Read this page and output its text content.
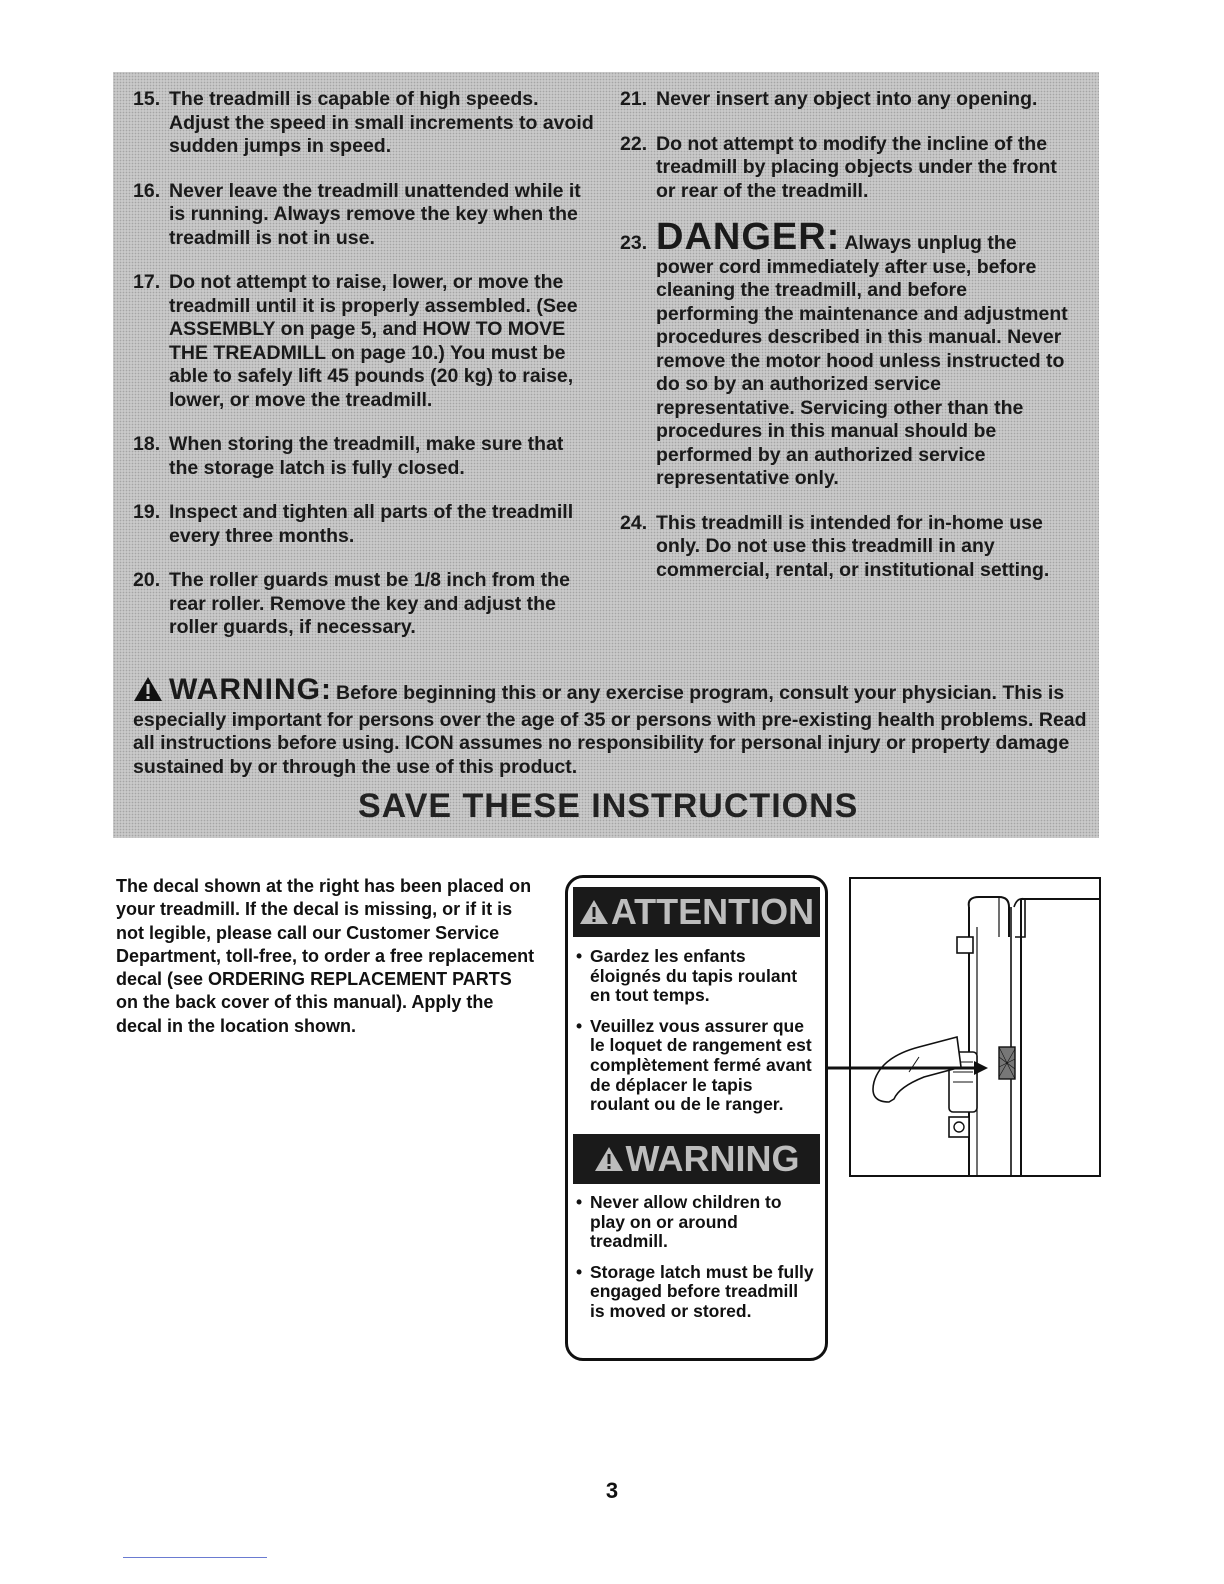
15. The treadmill is capable of high speeds. Adjust the speed in small increments to avoid sudden jumps in speed.
16. Never leave the treadmill unattended while it is running. Always remove the key when the treadmill is not in use.
17. Do not attempt to raise, lower, or move the treadmill until it is properly assembled. (See ASSEMBLY on page 5, and HOW TO MOVE THE TREADMILL on page 10.) You must be able to safely lift 45 pounds (20 kg) to raise, lower, or move the treadmill.
18. When storing the treadmill, make sure that the storage latch is fully closed.
19. Inspect and tighten all parts of the treadmill every three months.
20. The roller guards must be 1/8 inch from the rear roller. Remove the key and adjust the roller guards, if necessary.
21. Never insert any object into any opening.
22. Do not attempt to modify the incline of the treadmill by placing objects under the front or rear of the treadmill.
23. DANGER: Always unplug the power cord immediately after use, before cleaning the treadmill, and before performing the maintenance and adjustment procedures described in this manual. Never remove the motor hood unless instructed to do so by an authorized service representative. Servicing other than the procedures in this manual should be performed by an authorized service representative only.
24. This treadmill is intended for in-home use only. Do not use this treadmill in any commercial, rental, or institutional setting.
WARNING: Before beginning this or any exercise program, consult your physician. This is especially important for persons over the age of 35 or persons with pre-existing health problems. Read all instructions before using. ICON assumes no responsibility for personal injury or property damage sustained by or through the use of this product.
SAVE THESE INSTRUCTIONS
The decal shown at the right has been placed on your treadmill. If the decal is missing, or if it is not legible, please call our Customer Service Department, toll-free, to order a free replacement decal (see ORDERING REPLACEMENT PARTS on the back cover of this manual). Apply the decal in the location shown.
ATTENTION
• Gardez les enfants éloignés du tapis roulant en tout temps.
• Veuillez vous assurer que le loquet de rangement est complètement fermé avant de déplacer le tapis roulant ou de le ranger.
WARNING
• Never allow children to play on or around treadmill.
• Storage latch must be fully engaged before treadmill is moved or stored.
3
